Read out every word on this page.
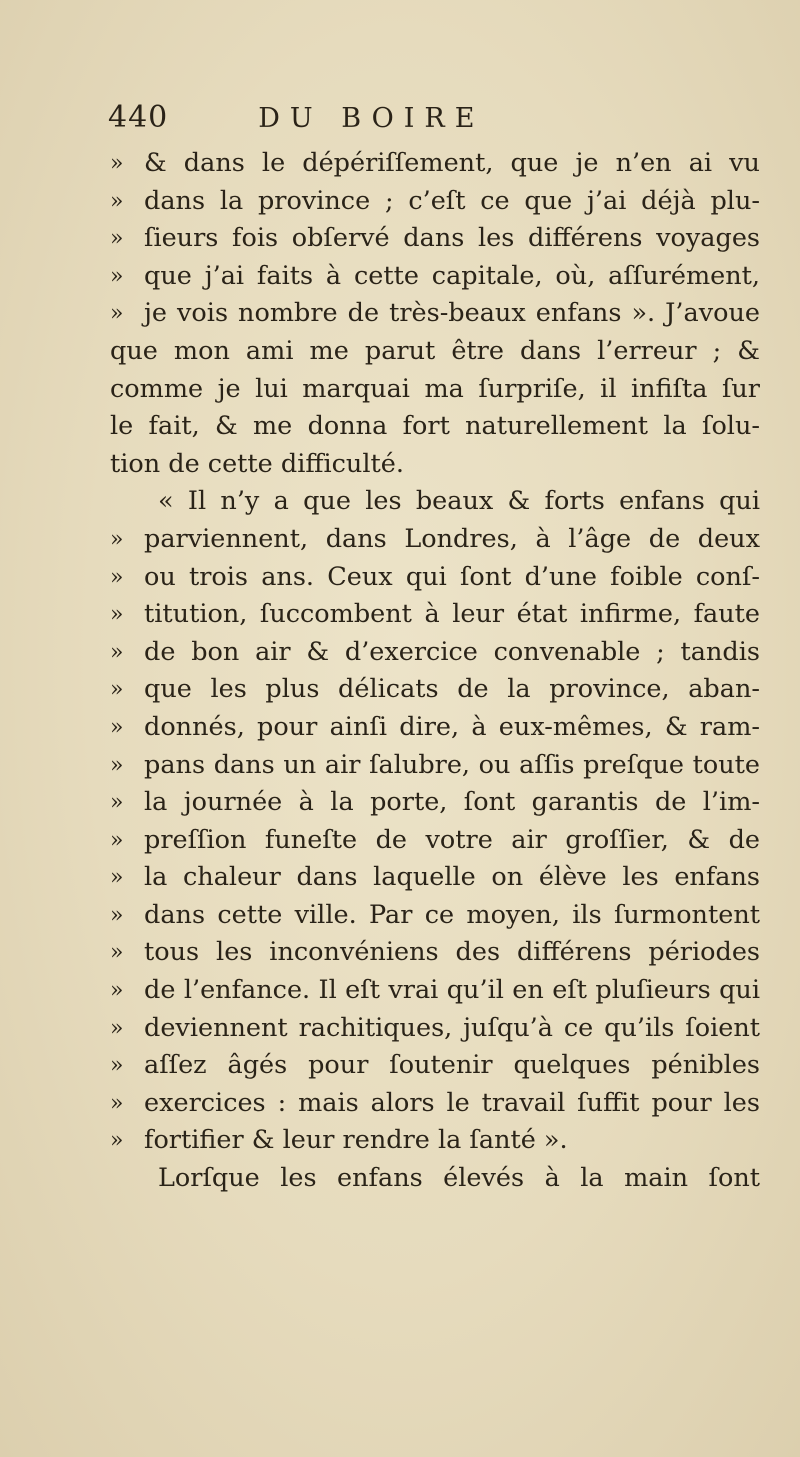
440	DU BOIRE
» & dans le dépériſſement, que je n’en ai vu
» dans la province ; c’eſt ce que j’ai déjà plu-
» ſieurs fois obſervé dans les différens voyages
» que j’ai faits à cette capitale, où, aſſurément,
» je vois nombre de très-beaux enfans ». J’avoue
que mon ami me parut être dans l’erreur ; &
comme je lui marquai ma ſurpriſe, il infiſta ſur
le fait, & me donna fort naturellement la ſolu-
tion de cette difficulté.
« Il n’y a que les beaux & forts enfans qui
» parviennent, dans Londres, à l’âge de deux
» ou trois ans. Ceux qui ſont d’une foible conſ-
» titution, ſuccombent à leur état infirme, faute
» de bon air & d’exercice convenable ; tandis
» que les plus délicats de la province, aban-
» donnés, pour ainſi dire, à eux-mêmes, & ram-
» pans dans un air ſalubre, ou aſſis preſque toute
» la journée à la porte, ſont garantis de l’im-
» preſſion funeſte de votre air groſſier, & de
» la chaleur dans laquelle on élève les enfans
» dans cette ville. Par ce moyen, ils ſurmontent
» tous les inconvéniens des différens périodes
» de l’enfance. Il eſt vrai qu’il en eſt pluſieurs qui
» deviennent rachitiques, juſqu’à ce qu’ils ſoient
» aſſez âgés pour ſoutenir quelques pénibles
» exercices : mais alors le travail ſuffit pour les
» fortifier & leur rendre la ſanté ».
Lorſque les enfans élevés à la main ſont
